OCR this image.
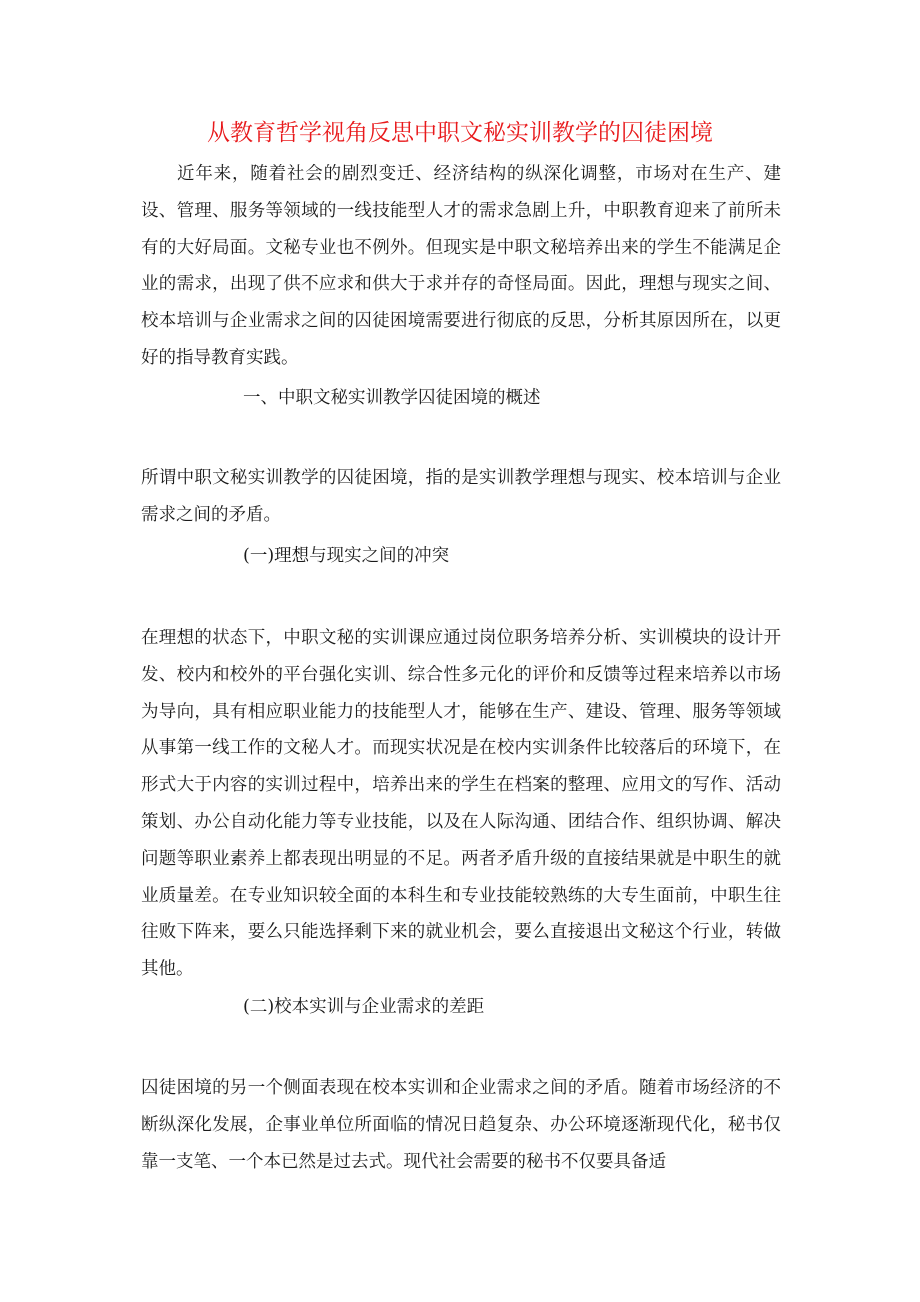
从教育哲学视角反思中职文秘实训教学的囚徒困境

近年来，随着社会的剧烈变迁、经济结构的纵深化调整，市场对在生产、建设、管理、服务等领域的一线技能型人才的需求急剧上升，中职教育迎来了前所未有的大好局面。文秘专业也不例外。但现实是中职文秘培养出来的学生不能满足企业的需求，出现了供不应求和供大于求并存的奇怪局面。因此，理想与现实之间、校本培训与企业需求之间的囚徒困境需要进行彻底的反思，分析其原因所在，以更好的指导教育实践。

一、中职文秘实训教学囚徒困境的概述

所谓中职文秘实训教学的囚徒困境，指的是实训教学理想与现实、校本培训与企业需求之间的矛盾。

(一)理想与现实之间的冲突

在理想的状态下，中职文秘的实训课应通过岗位职务培养分析、实训模块的设计开发、校内和校外的平台强化实训、综合性多元化的评价和反馈等过程来培养以市场为导向，具有相应职业能力的技能型人才，能够在生产、建设、管理、服务等领域从事第一线工作的文秘人才。而现实状况是在校内实训条件比较落后的环境下，在形式大于内容的实训过程中，培养出来的学生在档案的整理、应用文的写作、活动策划、办公自动化能力等专业技能，以及在人际沟通、团结合作、组织协调、解决问题等职业素养上都表现出明显的不足。两者矛盾升级的直接结果就是中职生的就业质量差。在专业知识较全面的本科生和专业技能较熟练的大专生面前，中职生往往败下阵来，要么只能选择剩下来的就业机会，要么直接退出文秘这个行业，转做其他。

(二)校本实训与企业需求的差距

囚徒困境的另一个侧面表现在校本实训和企业需求之间的矛盾。随着市场经济的不断纵深化发展，企事业单位所面临的情况日趋复杂、办公环境逐渐现代化，秘书仅靠一支笔、一个本已然是过去式。现代社会需要的秘书不仅要具备适
